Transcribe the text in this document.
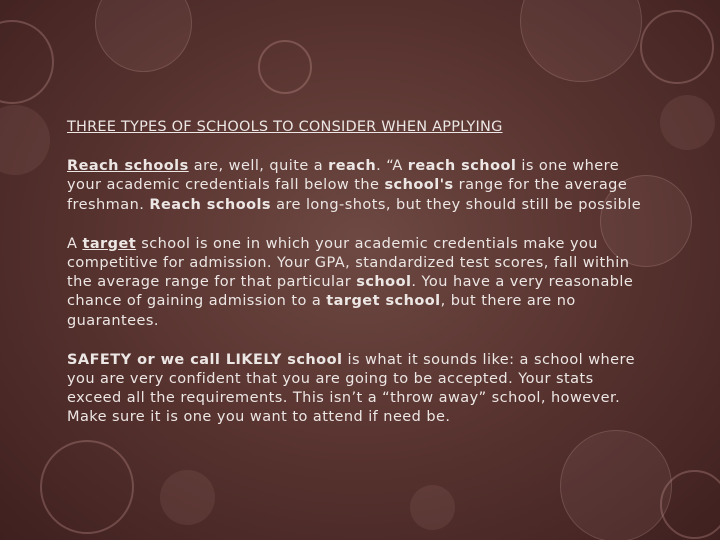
THREE TYPES OF SCHOOLS TO CONSIDER WHEN APPLYING

Reach schools are, well, quite a reach. “A reach school is one where your academic credentials fall below the school's range for the average freshman. Reach schools are long-shots, but they should still be possible

A target school is one in which your academic credentials make you competitive for admission. Your GPA, standardized test scores, fall within the average range for that particular school. You have a very reasonable chance of gaining admission to a target school, but there are no guarantees.

SAFETY or we call LIKELY school is what it sounds like: a school where you are very confident that you are going to be accepted. Your stats exceed all the requirements. This isn’t a “throw away” school, however. Make sure it is one you want to attend if need be.
